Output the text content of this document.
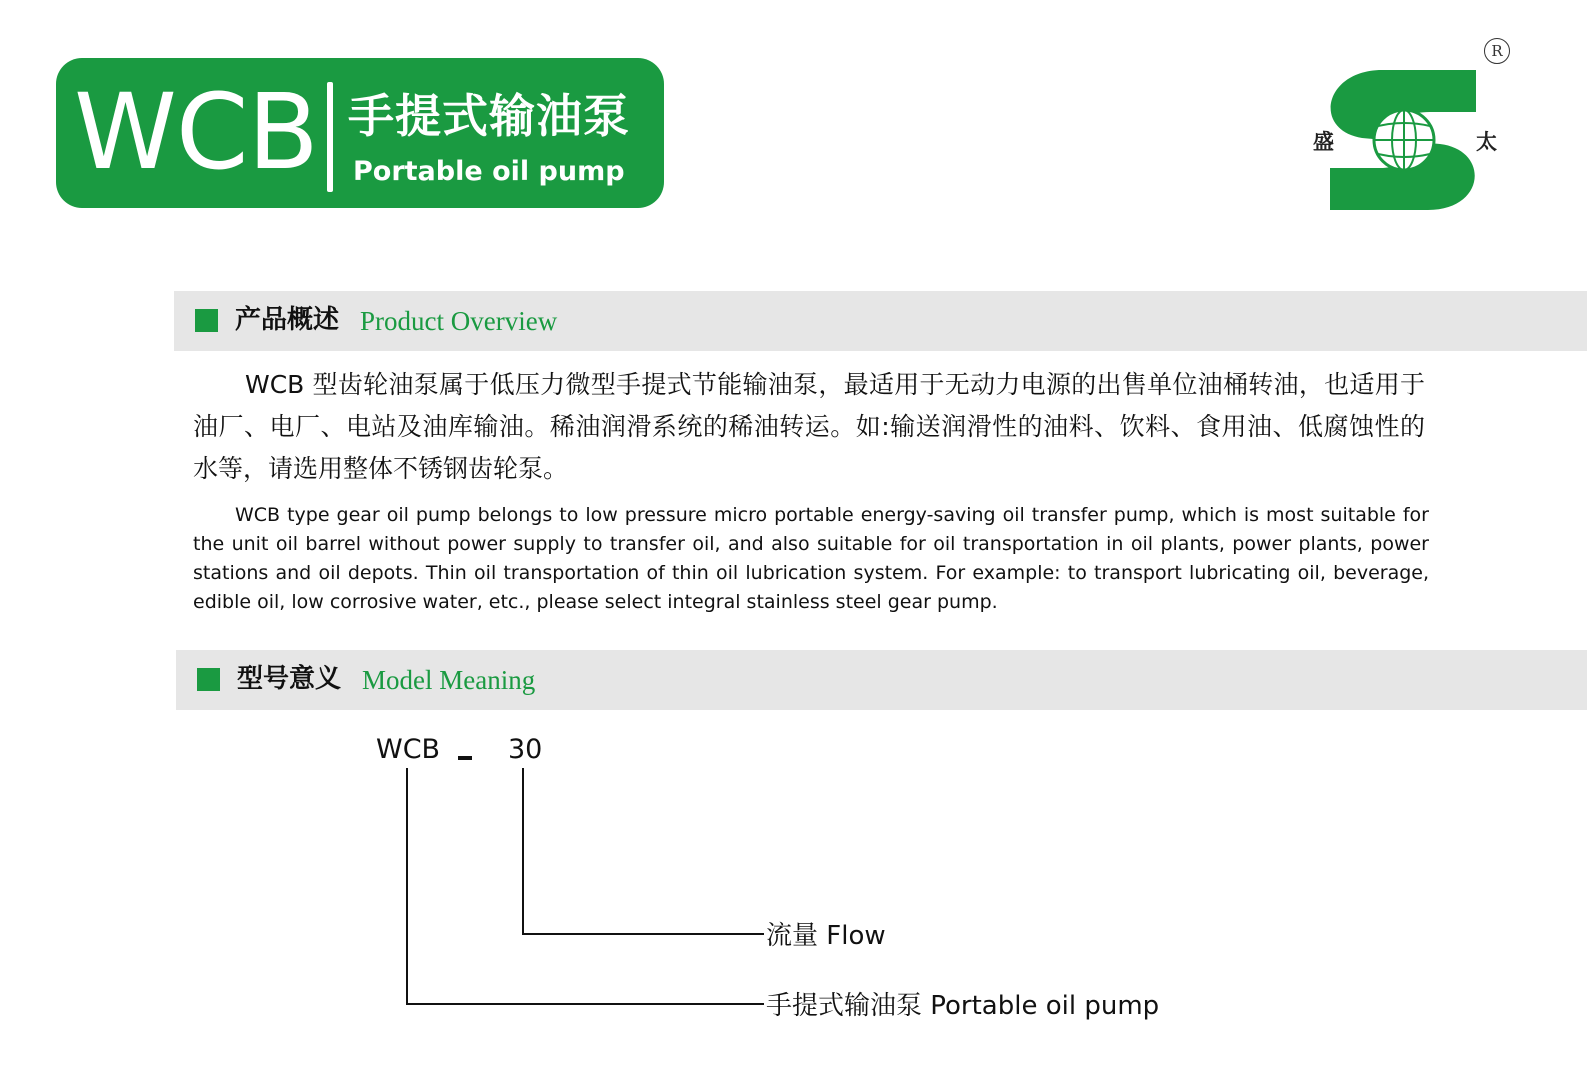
WCB 手提式输油泵
Portable oil pump
盛	太
R
产品概述 Product Overview

WCB 型齿轮油泵属于低压力微型手提式节能输油泵，最适用于无动力电源的出售单位油桶转油，也适用于油厂、电厂、电站及油库输油。稀油润滑系统的稀油转运。如:输送润滑性的油料、饮料、食用油、低腐蚀性的水等，请选用整体不锈钢齿轮泵。

WCB type gear oil pump belongs to low pressure micro portable energy-saving oil transfer pump, which is most suitable for the unit oil barrel without power supply to transfer oil, and also suitable for oil transportation in oil plants, power plants, power stations and oil depots. Thin oil transportation of thin oil lubrication system. For example: to transport lubricating oil, beverage, edible oil, low corrosive water, etc., please select integral stainless steel gear pump.

型号意义 Model Meaning
WCB	30
流量 Flow
手提式输油泵 Portable oil pump
